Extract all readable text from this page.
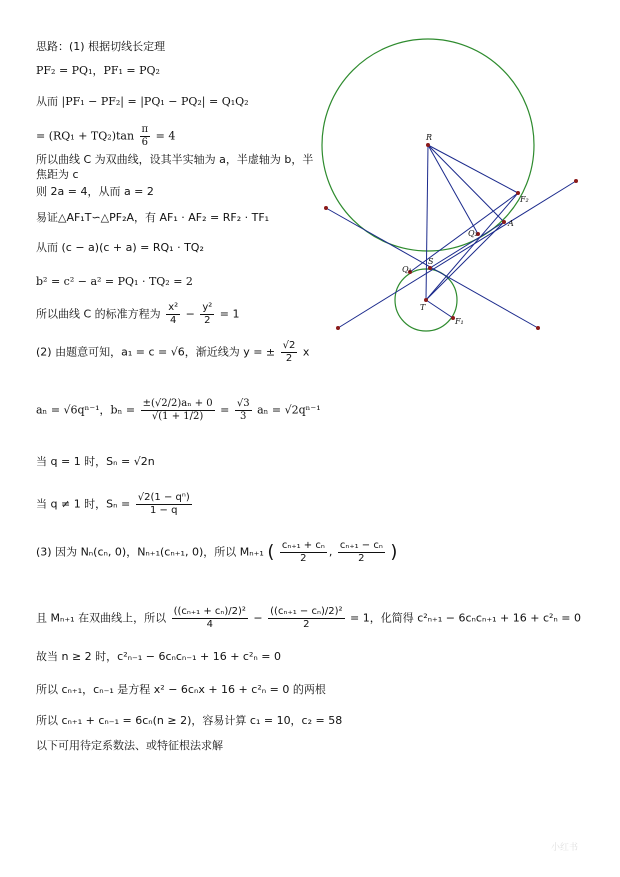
思路：(1) 根据切线长定理
PF₂ = PQ₁，PF₁ = PQ₂
从而 |PF₁ − PF₂| = |PQ₁ − PQ₂| = Q₁Q₂
= $(RQ_1 + TQ_2)\tan \frac{\pi}{6} = 4$
所以曲线 C 为双曲线，设其半实轴为 a，半虚轴为 b，半
焦距为 c
则 2a = 4，从而 a = 2
易证△AF₁T∽△PF₂A，有 AF₁ · AF₂ = RF₂ · TF₁
从而 (c − a)(c + a) = RQ₁ · TQ₂
b² = c² − a² = PQ₁ · TQ₂ = 2
所以曲线 C 的标准方程为 $\frac{\text{x²}}{4} - \frac{\text{y²}}{2} = 1$
(2) 由题意可知，a₁ = c = √6，渐近线为 y = ± $\frac{√2}{2}$ x
aₙ = √6qⁿ⁻¹，$b_n = \frac{\text{±(√2/2)aₙ + 0}}{√(1 + 1/2)} = \frac{√3}{3}$ aₙ = √2qⁿ⁻¹
当 q = 1 时，Sₙ = √2n
当 q ≠ 1 时，$S_n = \frac{\text{√2(1 − qⁿ)}}{1 - q}$
(3) 因为 Nₙ(cₙ, 0)，Nₙ₊₁(cₙ₊₁, 0)，所以 Mₙ₊₁ ( $\frac{\text{cₙ₊₁ + cₙ}}{2}$ , $\frac{\text{cₙ₊₁ − cₙ}}{2}$ )
且 Mₙ₊₁ 在双曲线上，所以 $\frac{\text{((cₙ₊₁ + cₙ)/2)²}}{4} - \frac{\text{((cₙ₊₁ − cₙ)/2)²}}{2} = 1$，化简得 c²ₙ₊₁ − 6cₙcₙ₊₁ + 16 + c²ₙ = 0
故当 n ≥ 2 时，c²ₙ₋₁ − 6cₙcₙ₋₁ + 16 + c²ₙ = 0
所以 cₙ₊₁，cₙ₋₁ 是方程 x² − 6cₙx + 16 + c²ₙ = 0 的两根
所以 cₙ₊₁ + cₙ₋₁ = 6cₙ(n ≥ 2)，容易计算 c₁ = 10，c₂ = 58
以下可用待定系数法、或特征根法求解
R
F₂
A
Q₂
Q₁
S
T
F₁
小红书
